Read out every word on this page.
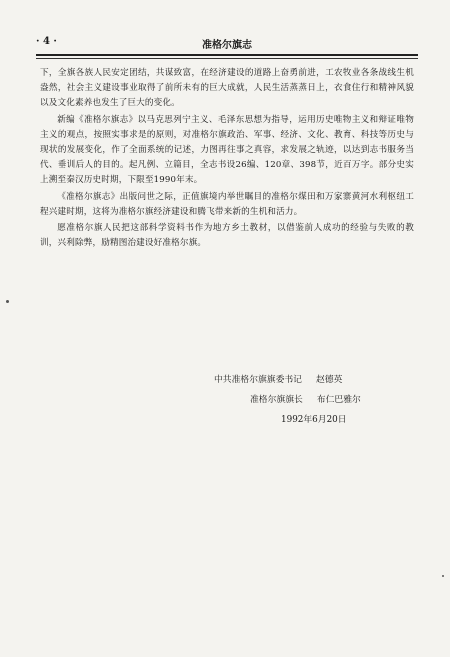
· 4 ·	准格尔旗志

下，全旗各族人民安定团结，共谋致富，在经济建设的道路上奋勇前进，工农牧业各条战线生机盎然，社会主义建设事业取得了前所未有的巨大成就，人民生活蒸蒸日上，衣食住行和精神风貌以及文化素养也发生了巨大的变化。

新编《准格尔旗志》以马克思列宁主义、毛泽东思想为指导，运用历史唯物主义和辩证唯物主义的观点，按照实事求是的原则，对准格尔旗政治、军事、经济、文化、教育、科技等历史与现状的发展变化，作了全面系统的记述，力图再往事之真容，求发展之轨迹，以达到志书服务当代、垂训后人的目的。起凡例、立篇目，全志书设26编、120章、398节，近百万字。部分史实上溯至秦汉历史时期，下限至1990年末。

《准格尔旗志》出版问世之际，正值旗境内举世瞩目的准格尔煤田和万家寨黄河水利枢纽工程兴建时期，这将为准格尔旗经济建设和腾飞带来新的生机和活力。

愿准格尔旗人民把这部科学资料书作为地方乡土教材，以借鉴前人成功的经验与失败的教训，兴利除弊，励精图治建设好准格尔旗。

中共准格尔旗旗委书记 赵德英
准格尔旗旗长 布仁巴雅尔
1992年6月20日
